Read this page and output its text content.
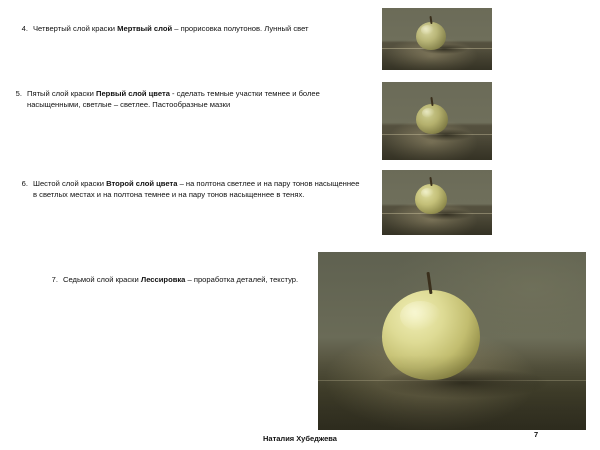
4. Четвертый слой краски Мертвый слой – прорисовка полутонов. Лунный свет
5. Пятый слой краски Первый слой цвета - сделать темные участки темнее и более насыщенными, светлые – светлее. Пастообразные мазки
6. Шестой слой краски Второй слой цвета – на полтона светлее и на пару тонов насыщеннее в светлых местах и на полтона темнее и на пару тонов насыщеннее в тенях.
7. Седьмой слой краски Лессировка – проработка деталей, текстур.
Наталия Хубеджева	7
